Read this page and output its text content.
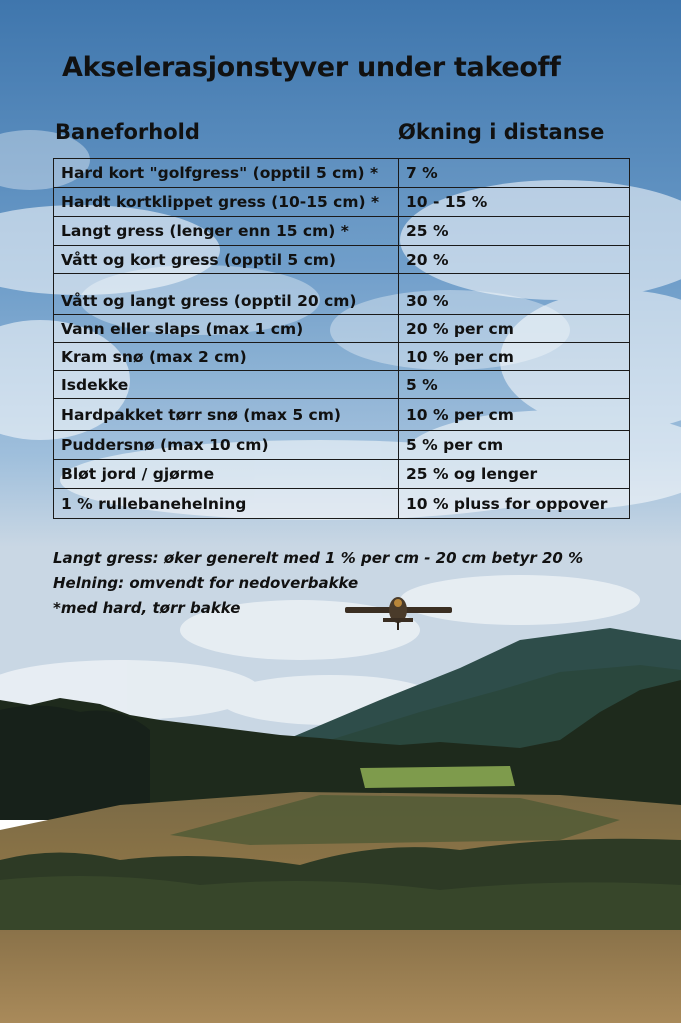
Akselerasjonstyver under takeoff
Baneforhold	Økning i distanse
Hard kort "golfgress" (opptil 5 cm) *	7 %
Hardt kortklippet gress (10-15 cm) *	10 - 15 %
Langt gress (lenger enn 15 cm) *	25 %
Vått og kort gress (opptil 5 cm)	20 %
Vått og langt gress (opptil 20 cm)	30 %
Vann eller slaps (max 1 cm)	20 % per cm
Kram snø (max 2 cm)	10 % per cm
Isdekke	5 %
Hardpakket tørr snø (max 5 cm)	10 % per cm
Puddersnø (max 10 cm)	5 % per cm
Bløt jord / gjørme	25 % og lenger
1 % rullebanehelning	10 % pluss for oppover
Langt gress: øker generelt med 1 % per cm - 20 cm betyr 20 %
Helning: omvendt for nedoverbakke
*med hard, tørr bakke
